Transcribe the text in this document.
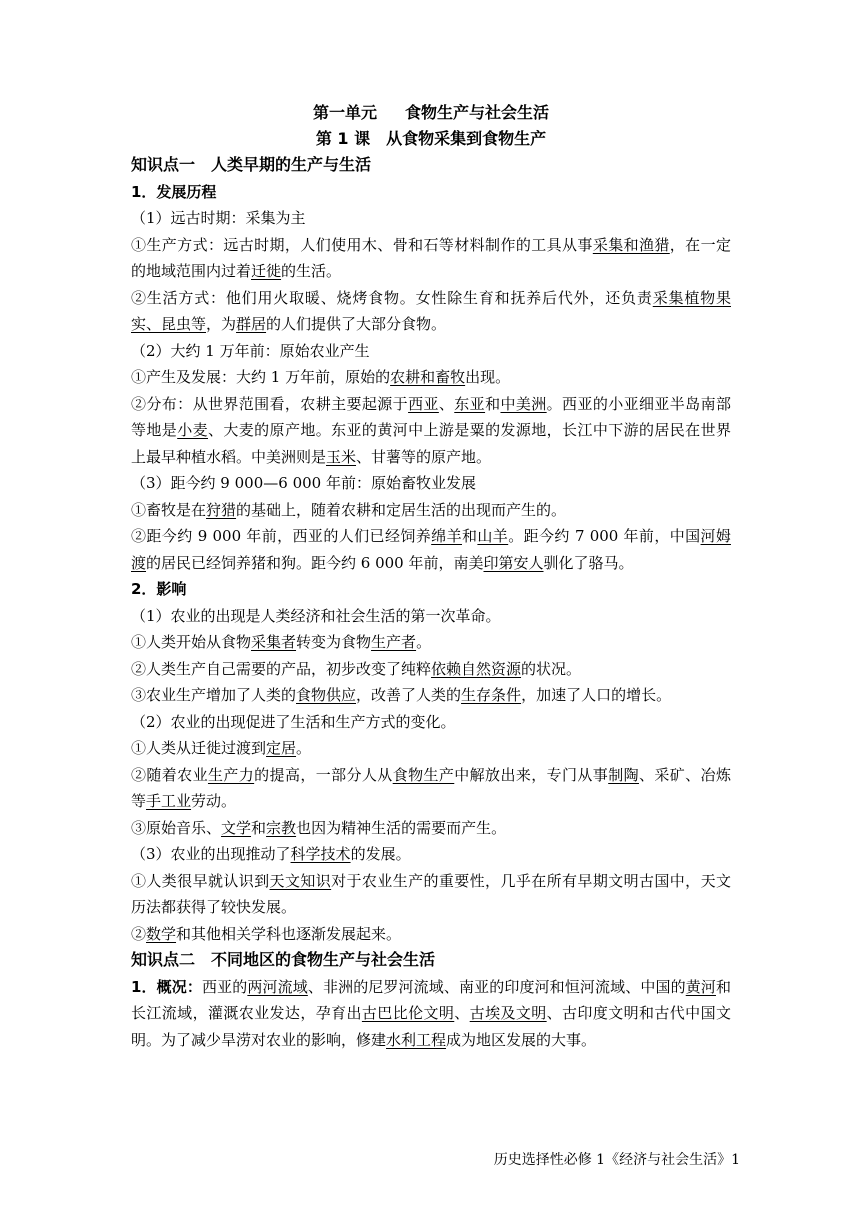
第一单元 食物生产与社会生活
第 1 课 从食物采集到食物生产
知识点一 人类早期的生产与生活
1．发展历程
（1）远古时期：采集为主
①生产方式：远古时期，人们使用木、骨和石等材料制作的工具从事采集和渔猎，在一定的地域范围内过着迁徙的生活。
②生活方式：他们用火取暖、烧烤食物。女性除生育和抚养后代外，还负责采集植物果实、昆虫等，为群居的人们提供了大部分食物。
（2）大约 1 万年前：原始农业产生
①产生及发展：大约 1 万年前，原始的农耕和畜牧出现。
②分布：从世界范围看，农耕主要起源于西亚、东亚和中美洲。西亚的小亚细亚半岛南部等地是小麦、大麦的原产地。东亚的黄河中上游是粟的发源地，长江中下游的居民在世界上最早种植水稻。中美洲则是玉米、甘薯等的原产地。
（3）距今约 9 000—6 000 年前：原始畜牧业发展
①畜牧是在狩猎的基础上，随着农耕和定居生活的出现而产生的。
②距今约 9 000 年前，西亚的人们已经饲养绵羊和山羊。距今约 7 000 年前，中国河姆渡的居民已经饲养猪和狗。距今约 6 000 年前，南美印第安人驯化了骆马。
2．影响
（1）农业的出现是人类经济和社会生活的第一次革命。
①人类开始从食物采集者转变为食物生产者。
②人类生产自己需要的产品，初步改变了纯粹依赖自然资源的状况。
③农业生产增加了人类的食物供应，改善了人类的生存条件，加速了人口的增长。
（2）农业的出现促进了生活和生产方式的变化。
①人类从迁徙过渡到定居。
②随着农业生产力的提高，一部分人从食物生产中解放出来，专门从事制陶、采矿、冶炼等手工业劳动。
③原始音乐、文学和宗教也因为精神生活的需要而产生。
（3）农业的出现推动了科学技术的发展。
①人类很早就认识到天文知识对于农业生产的重要性，几乎在所有早期文明古国中，天文历法都获得了较快发展。
②数学和其他相关学科也逐渐发展起来。
知识点二 不同地区的食物生产与社会生活
1．概况：西亚的两河流域、非洲的尼罗河流域、南亚的印度河和恒河流域、中国的黄河和长江流域，灌溉农业发达，孕育出古巴比伦文明、古埃及文明、古印度文明和古代中国文明。为了减少旱涝对农业的影响，修建水利工程成为地区发展的大事。
历史选择性必修 1《经济与社会生活》1
